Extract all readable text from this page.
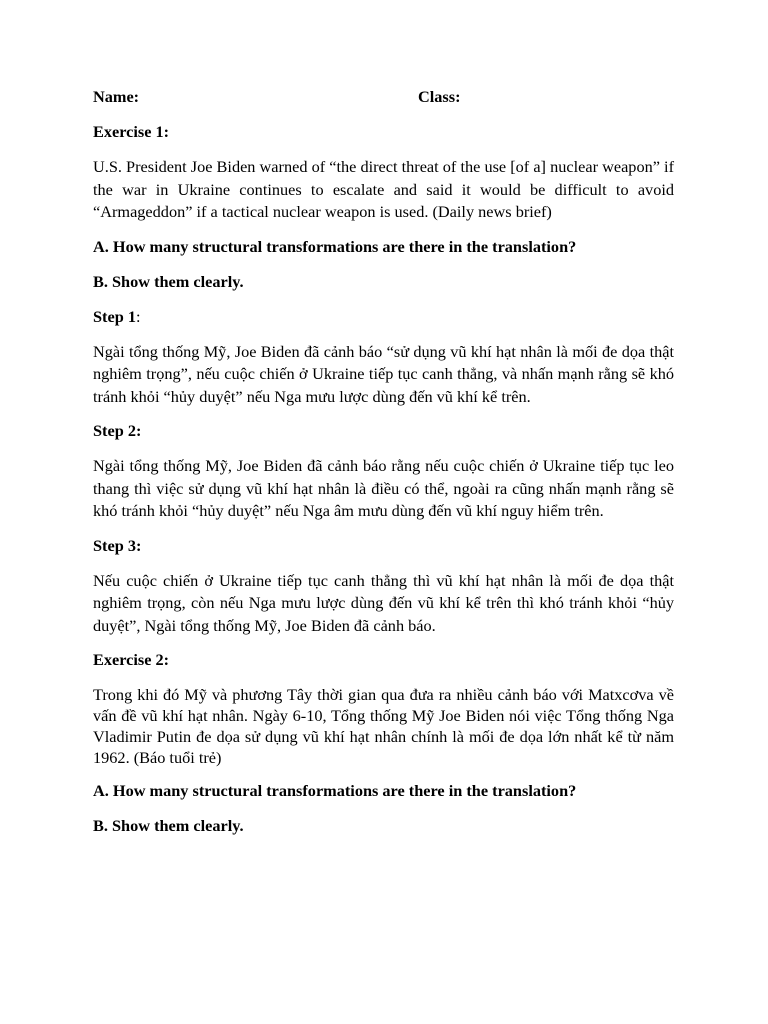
Name:	Class:
Exercise 1:

U.S. President Joe Biden warned of “the direct threat of the use [of a] nuclear weapon” if the war in Ukraine continues to escalate and said it would be difficult to avoid “Armageddon” if a tactical nuclear weapon is used. (Daily news brief)

A. How many structural transformations are there in the translation?
B. Show them clearly.
Step 1:

Ngài tổng thống Mỹ, Joe Biden đã cảnh báo “sử dụng vũ khí hạt nhân là mối đe dọa thật nghiêm trọng”, nếu cuộc chiến ở Ukraine tiếp tục canh thẳng, và nhấn mạnh rằng sẽ khó tránh khỏi “hủy duyệt” nếu Nga mưu lược dùng đến vũ khí kể trên.

Step 2:

Ngài tổng thống Mỹ, Joe Biden đã cảnh báo rằng nếu cuộc chiến ở Ukraine tiếp tục leo thang thì việc sử dụng vũ khí hạt nhân là điều có thể, ngoài ra cũng nhấn mạnh rằng sẽ khó tránh khỏi “hủy duyệt” nếu Nga âm mưu dùng đến vũ khí nguy hiểm trên.

Step 3:

Nếu cuộc chiến ở Ukraine tiếp tục canh thẳng thì vũ khí hạt nhân là mối đe dọa thật nghiêm trọng, còn nếu Nga mưu lược dùng đến vũ khí kể trên thì khó tránh khỏi “hủy duyệt”, Ngài tổng thống Mỹ, Joe Biden đã cảnh báo.

Exercise 2:

Trong khi đó Mỹ và phương Tây thời gian qua đưa ra nhiều cảnh báo với Matxcơva về vấn đề vũ khí hạt nhân. Ngày 6-10, Tổng thống Mỹ Joe Biden nói việc Tổng thống Nga Vladimir Putin đe dọa sử dụng vũ khí hạt nhân chính là mối đe dọa lớn nhất kể từ năm 1962. (Báo tuổi trẻ)

A. How many structural transformations are there in the translation?
B. Show them clearly.
